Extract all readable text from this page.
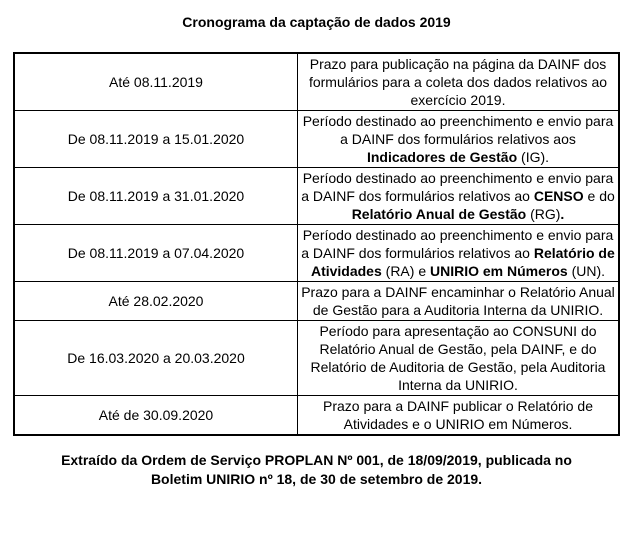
Cronograma da captação de dados 2019
Até 08.11.2019	Prazo para publicação na página da DAINF dos formulários para a coleta dos dados relativos ao exercício 2019.
De 08.11.2019 a 15.01.2020	Período destinado ao preenchimento e envio para a DAINF dos formulários relativos aos Indicadores de Gestão (IG).
De 08.11.2019 a 31.01.2020	Período destinado ao preenchimento e envio para a DAINF dos formulários relativos ao CENSO e do Relatório Anual de Gestão (RG).
De 08.11.2019 a 07.04.2020	Período destinado ao preenchimento e envio para a DAINF dos formulários relativos ao Relatório de Atividades (RA) e UNIRIO em Números (UN).
Até 28.02.2020	Prazo para a DAINF encaminhar o Relatório Anual de Gestão para a Auditoria Interna da UNIRIO.
De 16.03.2020 a 20.03.2020	Período para apresentação ao CONSUNI do Relatório Anual de Gestão, pela DAINF, e do Relatório de Auditoria de Gestão, pela Auditoria Interna da UNIRIO.
Até de 30.09.2020	Prazo para a DAINF publicar o Relatório de Atividades e o UNIRIO em Números.
Extraído da Ordem de Serviço PROPLAN Nº 001, de 18/09/2019, publicada no
Boletim UNIRIO nº 18, de 30 de setembro de 2019.
